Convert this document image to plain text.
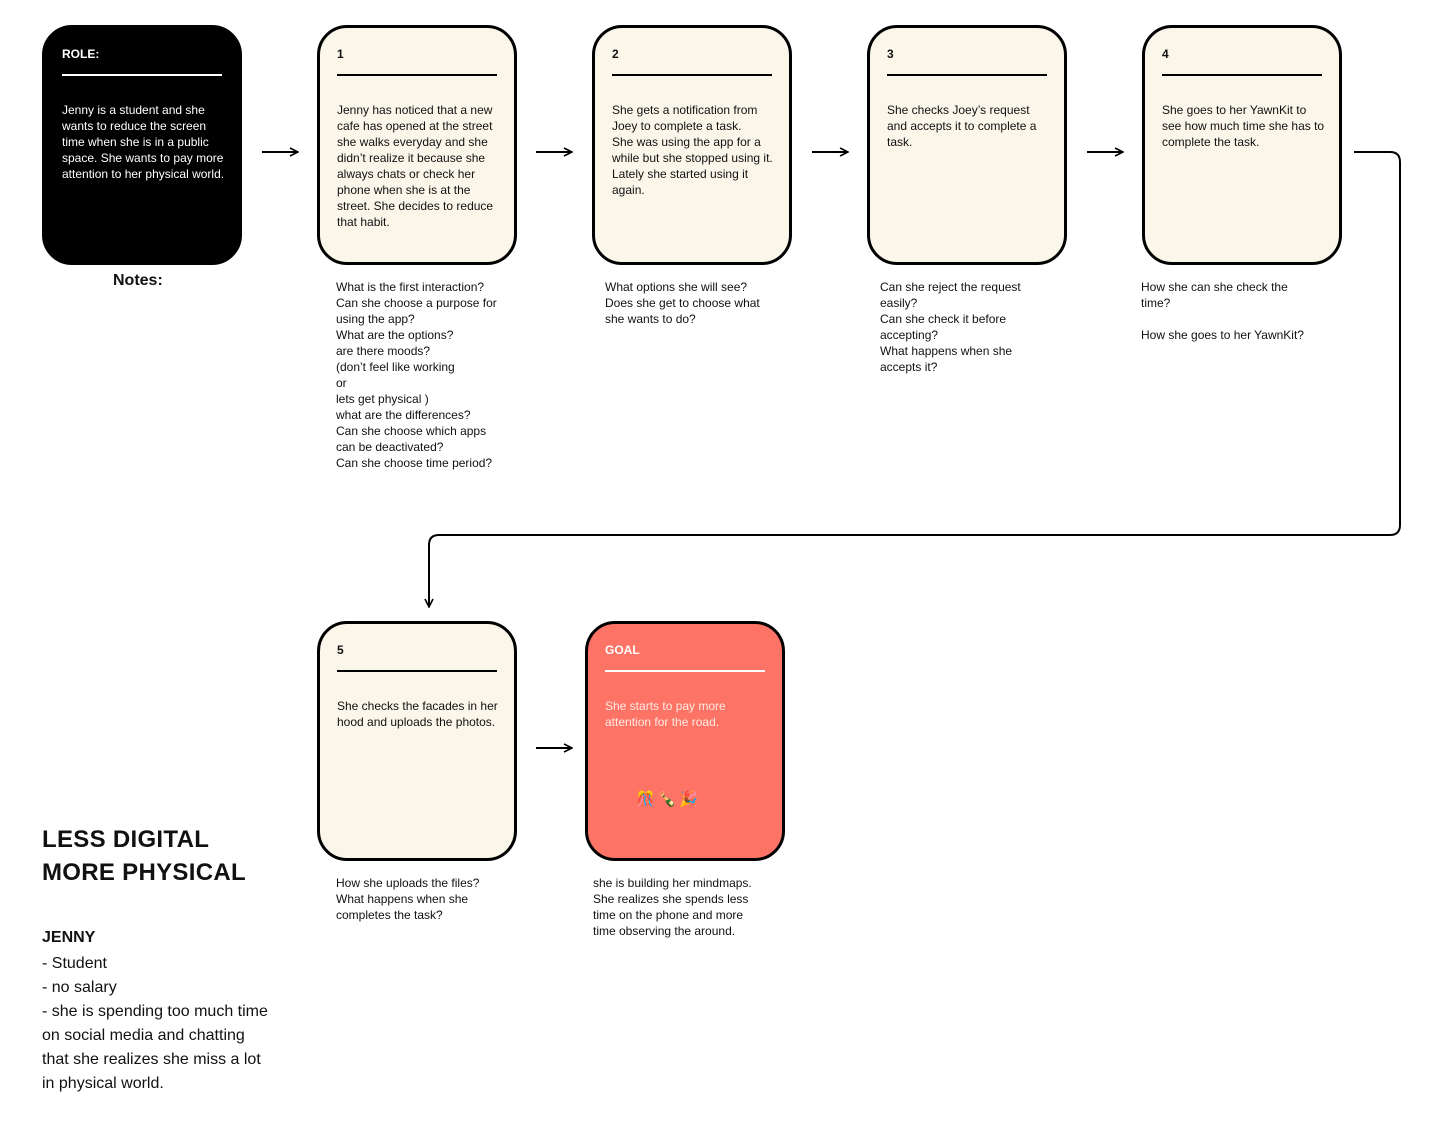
ROLE:
Jenny is a student and she wants to reduce the screen time when she is in a public space. She wants to pay more attention to her physical world.
Notes:
1
Jenny has noticed that a new cafe has opened at the street she walks everyday and she didn’t realize it because she always chats or check her phone when she is at the street. She decides to reduce that habit.
What is the first interaction?
Can she choose a purpose for using the app?
What are the options?
are there moods?
(don’t feel like working
or
lets get physical )
what are the differences?
Can she choose which apps can be deactivated?
Can she choose time period?
2
She gets a notification from Joey to complete a task.
She was using the app for a while but she stopped using it. Lately she started using it again.
What options she will see?
Does she get to choose what she wants to do?
3
She checks Joey’s request and accepts it to complete a task.
Can she reject the request easily?
Can she check it before accepting?
What happens when she accepts it?
4
She goes to her YawnKit to see how much time she has to complete the task.
How she can she check the time?

How she goes to her YawnKit?
5
She checks the facades in her hood and uploads the photos.
How she uploads the files?
What happens when she completes the task?
GOAL
She starts to pay more attention for the road.
🎊🍾🎉
she is building her mindmaps. She realizes she spends less time on the phone and more time observing the around.
LESS DIGITAL
MORE PHYSICAL
JENNY
- Student
- no salary
- she is spending too much time on social media and chatting that she realizes she miss a lot in physical world.
